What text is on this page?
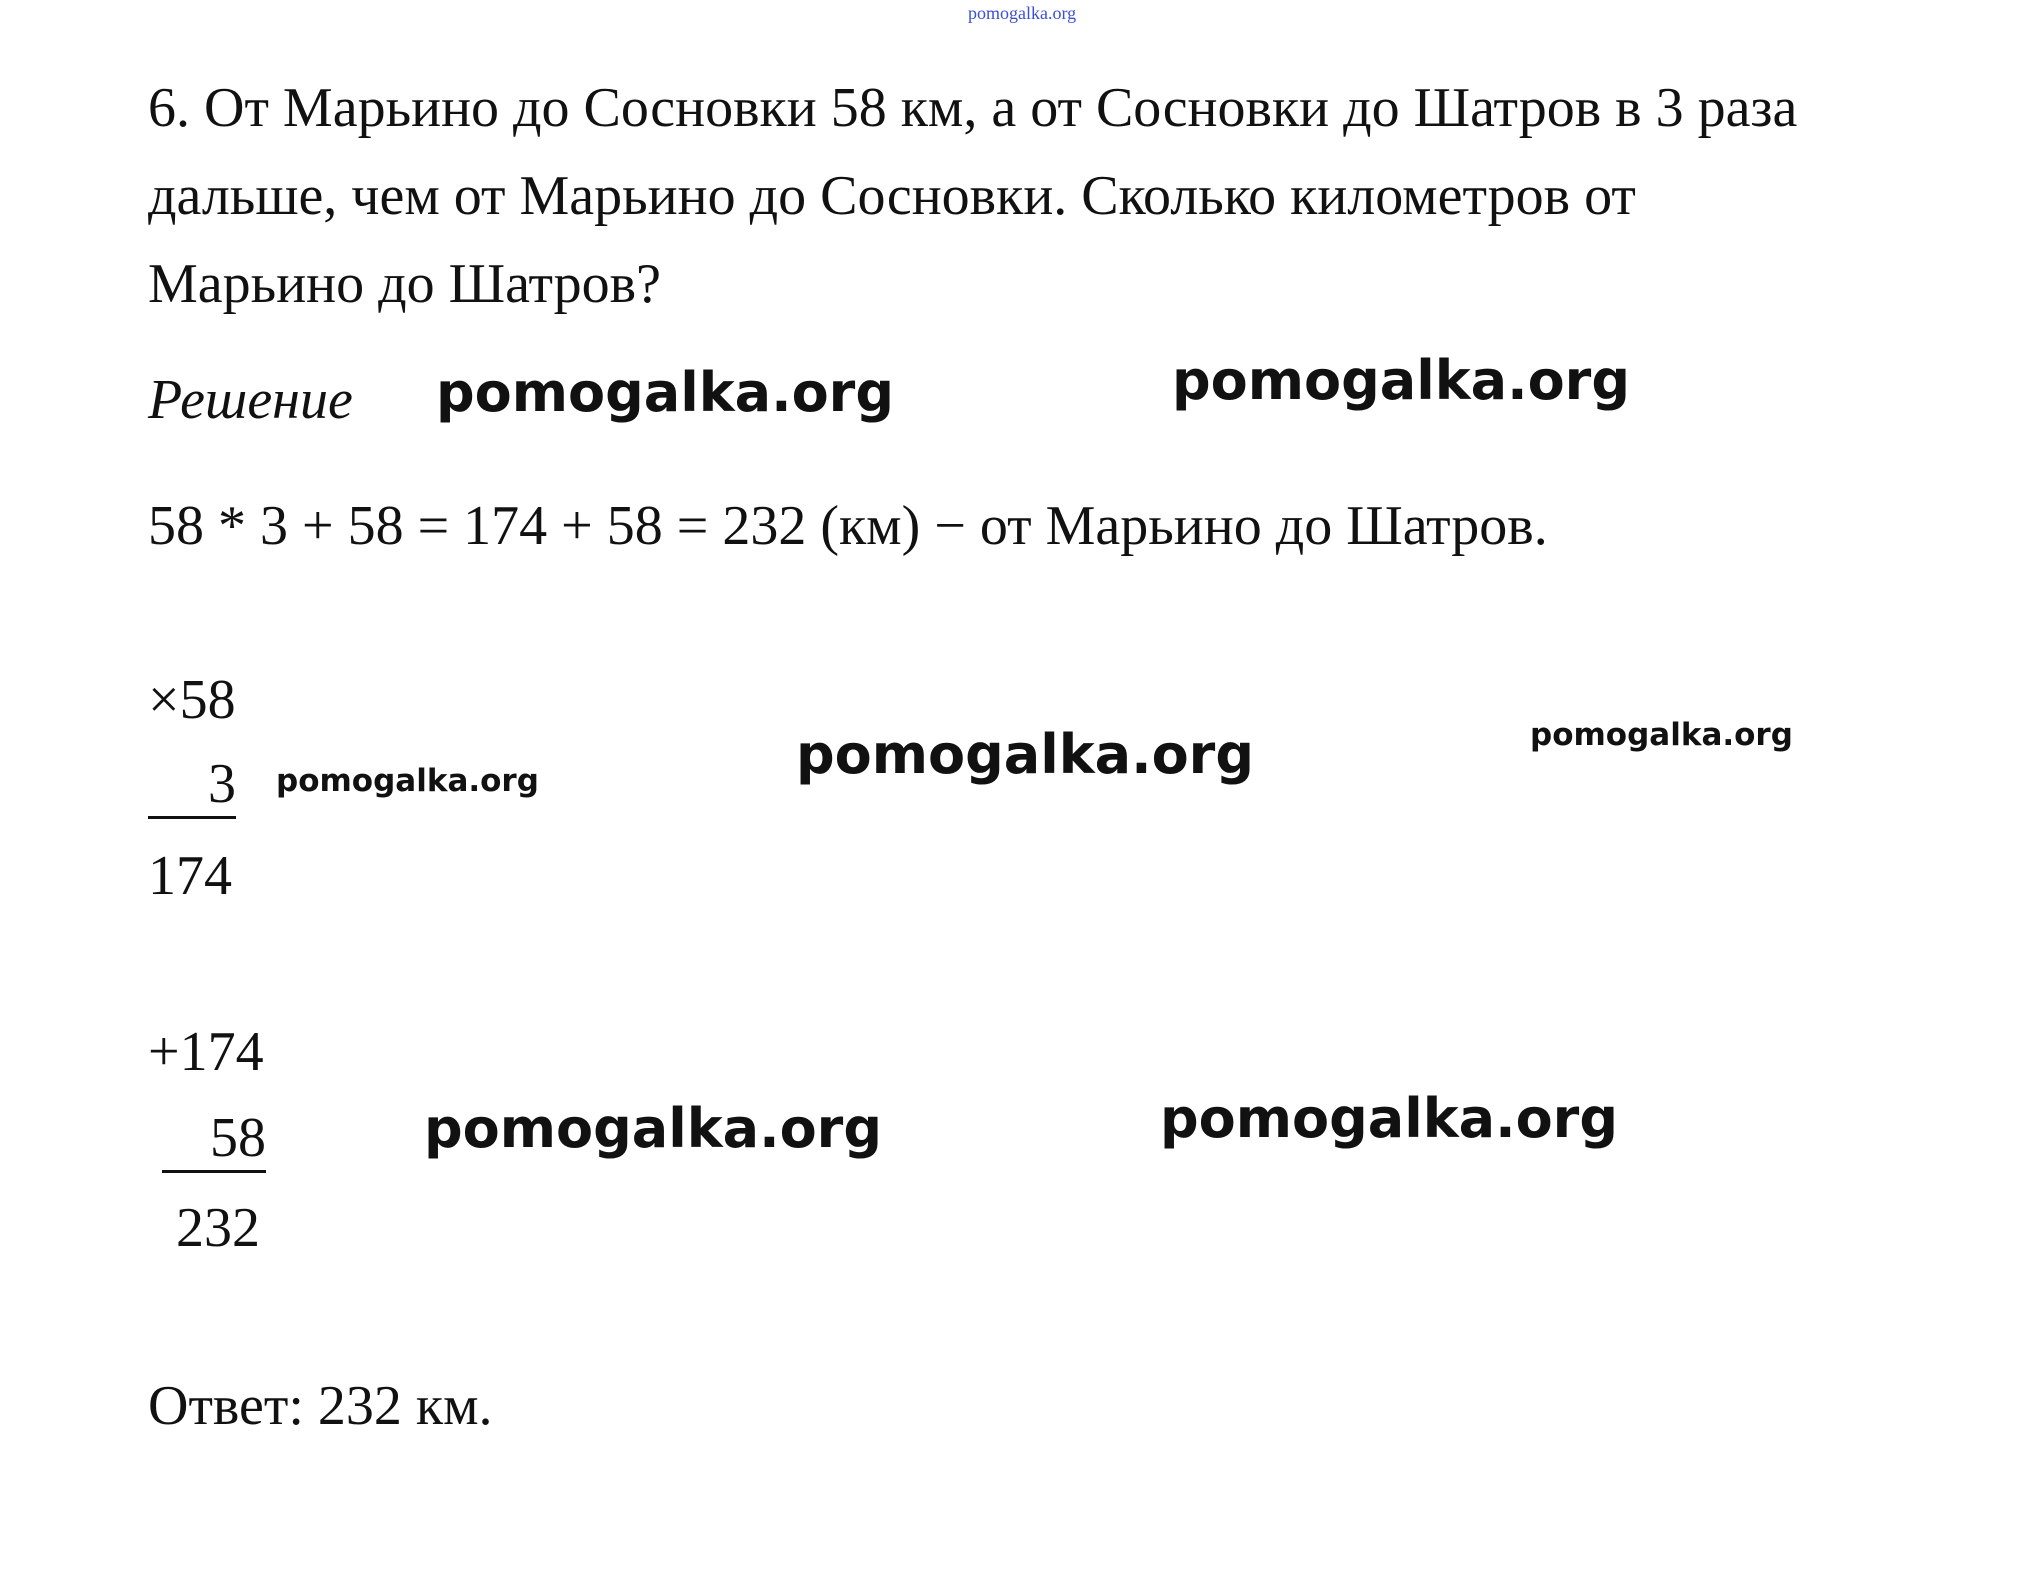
pomogalka.org
6. От Марьино до Сосновки 58 км, а от Сосновки до Шатров в 3 раза
дальше, чем от Марьино до Сосновки. Сколько километров от
Марьино до Шатров?
Решение pomogalka.org	pomogalka.org
58 * 3 + 58 = 174 + 58 = 232 (км) − от Марьино до Шатров.
×58
3
174
pomogalka.org	pomogalka.org	pomogalka.org
+174
58
232
pomogalka.org	pomogalka.org
Ответ: 232 км.
